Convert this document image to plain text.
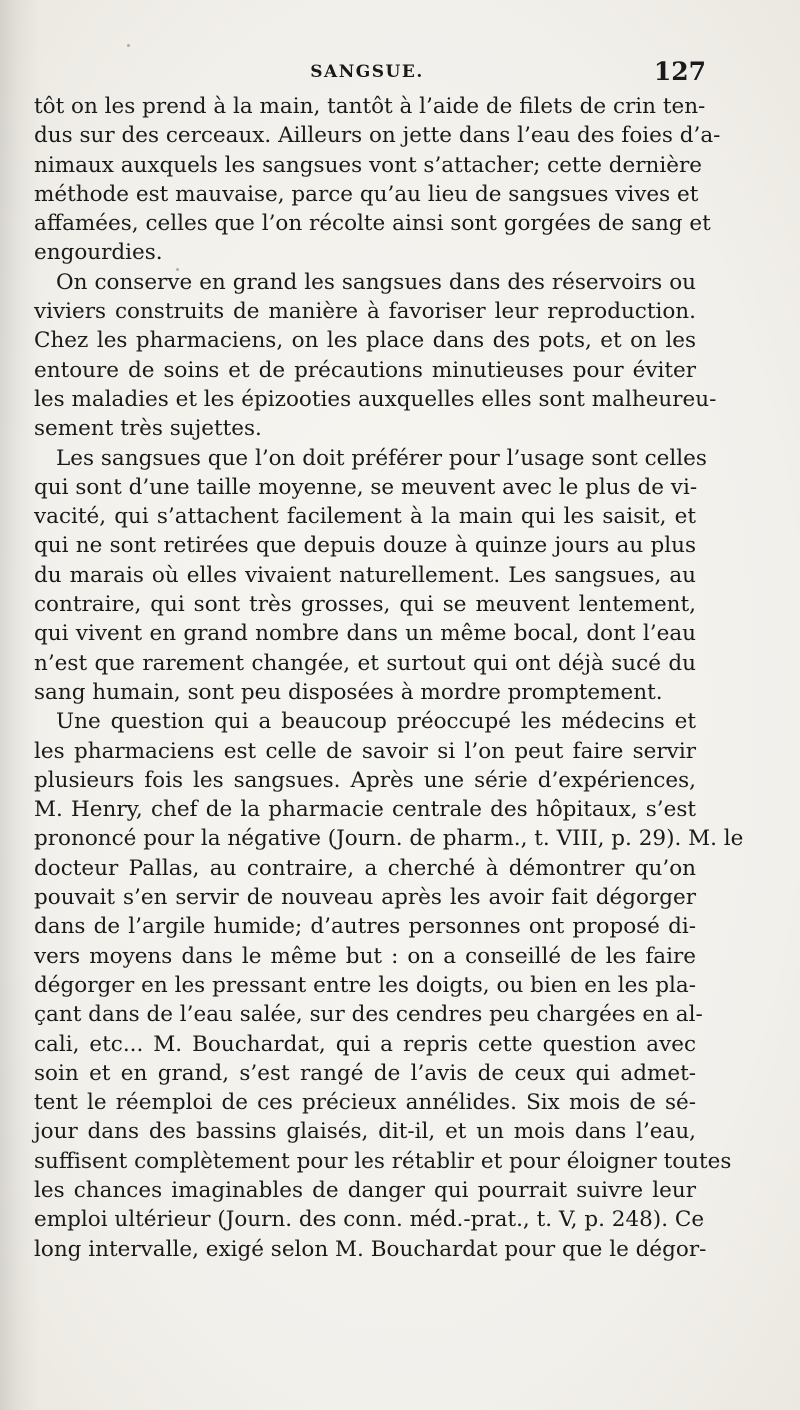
SANGSUE.	127
tôt on les prend à la main, tantôt à l’aide de filets de crin ten-
dus sur des cerceaux. Ailleurs on jette dans l’eau des foies d’a-
nimaux auxquels les sangsues vont s’attacher; cette dernière
méthode est mauvaise, parce qu’au lieu de sangsues vives et
affamées, celles que l’on récolte ainsi sont gorgées de sang et
engourdies.
On conserve en grand les sangsues dans des réservoirs ou
viviers construits de manière à favoriser leur reproduction.
Chez les pharmaciens, on les place dans des pots, et on les
entoure de soins et de précautions minutieuses pour éviter
les maladies et les épizooties auxquelles elles sont malheureu-
sement très sujettes.
Les sangsues que l’on doit préférer pour l’usage sont celles
qui sont d’une taille moyenne, se meuvent avec le plus de vi-
vacité, qui s’attachent facilement à la main qui les saisit, et
qui ne sont retirées que depuis douze à quinze jours au plus
du marais où elles vivaient naturellement. Les sangsues, au
contraire, qui sont très grosses, qui se meuvent lentement,
qui vivent en grand nombre dans un même bocal, dont l’eau
n’est que rarement changée, et surtout qui ont déjà sucé du
sang humain, sont peu disposées à mordre promptement.
Une question qui a beaucoup préoccupé les médecins et
les pharmaciens est celle de savoir si l’on peut faire servir
plusieurs fois les sangsues. Après une série d’expériences,
M. Henry, chef de la pharmacie centrale des hôpitaux, s’est
prononcé pour la négative (Journ. de pharm., t. VIII, p. 29). M. le
docteur Pallas, au contraire, a cherché à démontrer qu’on
pouvait s’en servir de nouveau après les avoir fait dégorger
dans de l’argile humide; d’autres personnes ont proposé di-
vers moyens dans le même but : on a conseillé de les faire
dégorger en les pressant entre les doigts, ou bien en les pla-
çant dans de l’eau salée, sur des cendres peu chargées en al-
cali, etc... M. Bouchardat, qui a repris cette question avec
soin et en grand, s’est rangé de l’avis de ceux qui admet-
tent le réemploi de ces précieux annélides. Six mois de sé-
jour dans des bassins glaisés, dit-il, et un mois dans l’eau,
suffisent complètement pour les rétablir et pour éloigner toutes
les chances imaginables de danger qui pourrait suivre leur
emploi ultérieur (Journ. des conn. méd.-prat., t. V, p. 248). Ce
long intervalle, exigé selon M. Bouchardat pour que le dégor-
